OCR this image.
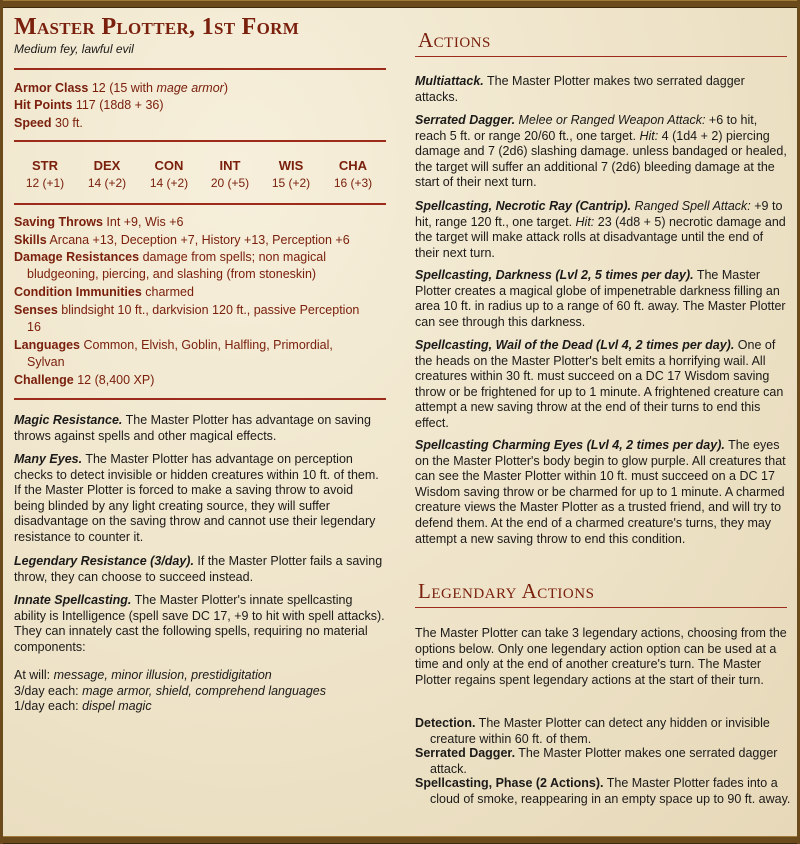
Master Plotter, 1st Form
Medium fey, lawful evil
Armor Class 12 (15 with mage armor)
Hit Points 117 (18d8 + 36)
Speed 30 ft.
STR
12 (+1)
DEX
14 (+2)
CON
14 (+2)
INT
20 (+5)
WIS
15 (+2)
CHA
16 (+3)
Saving Throws Int +9, Wis +6
Skills Arcana +13, Deception +7, History +13, Perception +6
Damage Resistances damage from spells; non magical
bludgeoning, piercing, and slashing (from stoneskin)
Condition Immunities charmed
Senses blindsight 10 ft., darkvision 120 ft., passive Perception
16
Languages Common, Elvish, Goblin, Halfling, Primordial,
Sylvan
Challenge 12 (8,400 XP)
Magic Resistance. The Master Plotter has advantage on saving throws against spells and other magical effects.
Many Eyes. The Master Plotter has advantage on perception checks to detect invisible or hidden creatures within 10 ft. of them. If the Master Plotter is forced to make a saving throw to avoid being blinded by any light creating source, they will suffer disadvantage on the saving throw and cannot use their legendary resistance to counter it.
Legendary Resistance (3/day). If the Master Plotter fails a saving throw, they can choose to succeed instead.
Innate Spellcasting. The Master Plotter's innate spellcasting ability is Intelligence (spell save DC 17, +9 to hit with spell attacks). They can innately cast the following spells, requiring no material components:
At will: message, minor illusion, prestidigitation
3/day each: mage armor, shield, comprehend languages
1/day each: dispel magic
Actions
Multiattack. The Master Plotter makes two serrated dagger attacks.
Serrated Dagger. Melee or Ranged Weapon Attack: +6 to hit, reach 5 ft. or range 20/60 ft., one target. Hit: 4 (1d4 + 2) piercing damage and 7 (2d6) slashing damage. unless bandaged or healed, the target will suffer an additional 7 (2d6) bleeding damage at the start of their next turn.
Spellcasting, Necrotic Ray (Cantrip). Ranged Spell Attack: +9 to hit, range 120 ft., one target. Hit: 23 (4d8 + 5) necrotic damage and the target will make attack rolls at disadvantage until the end of their next turn.
Spellcasting, Darkness (Lvl 2, 5 times per day). The Master Plotter creates a magical globe of impenetrable darkness filling an area 10 ft. in radius up to a range of 60 ft. away. The Master Plotter can see through this darkness.
Spellcasting, Wail of the Dead (Lvl 4, 2 times per day). One of the heads on the Master Plotter's belt emits a horrifying wail. All creatures within 30 ft. must succeed on a DC 17 Wisdom saving throw or be frightened for up to 1 minute. A frightened creature can attempt a new saving throw at the end of their turns to end this effect.
Spellcasting Charming Eyes (Lvl 4, 2 times per day). The eyes on the Master Plotter's body begin to glow purple. All creatures that can see the Master Plotter within 10 ft. must succeed on a DC 17 Wisdom saving throw or be charmed for up to 1 minute. A charmed creature views the Master Plotter as a trusted friend, and will try to defend them. At the end of a charmed creature's turns, they may attempt a new saving throw to end this condition.
Legendary Actions
The Master Plotter can take 3 legendary actions, choosing from the options below. Only one legendary action option can be used at a time and only at the end of another creature's turn. The Master Plotter regains spent legendary actions at the start of their turn.
Detection. The Master Plotter can detect any hidden or invisible creature within 60 ft. of them.
Serrated Dagger. The Master Plotter makes one serrated dagger attack.
Spellcasting, Phase (2 Actions). The Master Plotter fades into a cloud of smoke, reappearing in an empty space up to 90 ft. away.
